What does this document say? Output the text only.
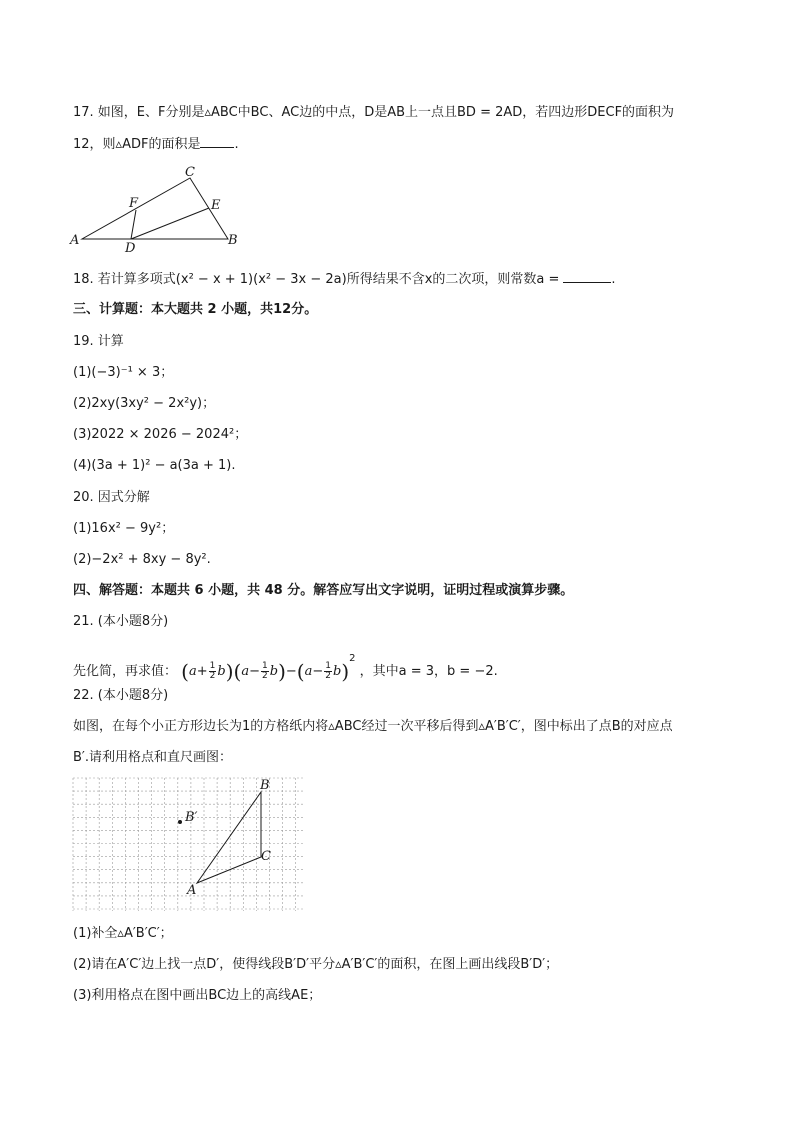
17. 如图，E、F分别是▵ABC中BC、AC边的中点，D是AB上一点且BD = 2AD，若四边形DECF的面积为
12，则▵ADF的面积是	.
A	B
C
D
E
F
18. 若计算多项式(x² − x + 1)(x² − 3x − 2a)所得结果不含x的二次项，则常数a =	.
三、计算题：本大题共 2 小题，共12分。
19. 计算
(1)(−3)⁻¹ × 3；
(2)2xy(3xy² − 2x²y)；
(3)2022 × 2026 − 2024²；
(4)(3a + 1)² − a(3a + 1).
20. 因式分解
(1)16x² − 9y²；
(2)−2x² + 8xy − 8y².
四、解答题：本题共 6 小题，共 48 分。解答应写出文字说明，证明过程或演算步骤。
21. (本小题8分)
先化简，再求值： $(a+ \frac{1}{2} b)(a- \frac{1}{2} b)-(a- \frac{1}{2} b)^2$ ，其中a = 3，b = −2.
22. (本小题8分)
如图，在每个小正方形边长为1的方格纸内将▵ABC经过一次平移后得到▵A′B′C′，图中标出了点B的对应点
B′.请利用格点和直尺画图：
B′
B
C
A
(1)补全▵A′B′C′；
(2)请在A′C′边上找一点D′，使得线段B′D′平分▵A′B′C′的面积，在图上画出线段B′D′；
(3)利用格点在图中画出BC边上的高线AE；
